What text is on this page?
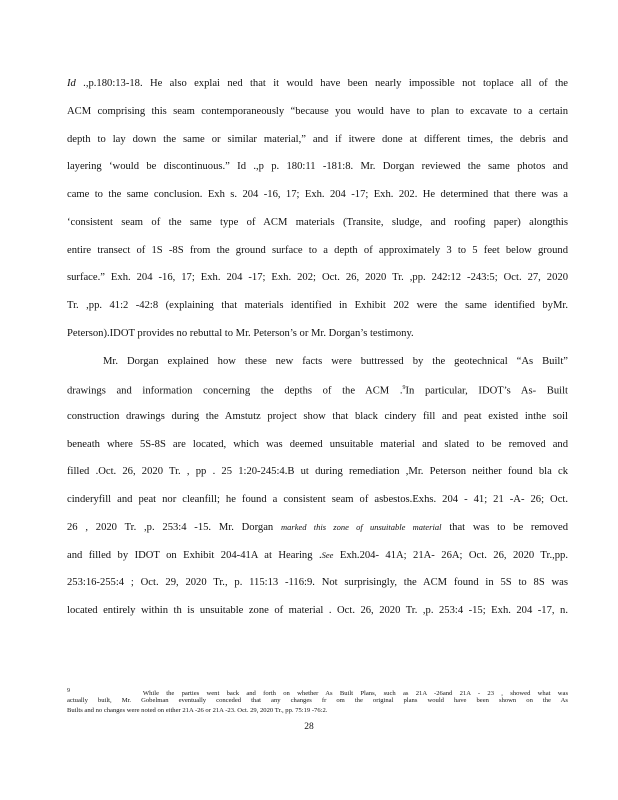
Id .,p.180:13-18. He also explai ned that it would have been nearly impossible not toplace all of the
ACM comprising this seam contemporaneously “because you would have to plan to excavate to a certain
depth to lay down the same or similar material,” and if itwere done at different times, the debris and
layering ‘would be discontinuous.” Id .,p p. 180:11 -181:8. Mr. Dorgan reviewed the same photos and
came to the same conclusion. Exh s. 204 -16, 17; Exh. 204 -17; Exh. 202. He determined that there was a
‘consistent seam of the same type of ACM materials (Transite, sludge, and roofing paper) alongthis
entire transect of 1S -8S from the ground surface to a depth of approximately 3 to 5 feet below ground
surface.” Exh. 204 -16, 17; Exh. 204 -17; Exh. 202; Oct. 26, 2020 Tr. ,pp. 242:12 -243:5; Oct. 27, 2020
Tr. ,pp. 41:2 -42:8 (explaining that materials identified in Exhibit 202 were the same identified byMr.
Peterson).IDOT provides no rebuttal to Mr. Peterson’s or Mr. Dorgan’s testimony.
Mr. Dorgan explained how these new facts were buttressed by the geotechnical “As Built”
drawings and information concerning the depths of the ACM .$^9$In particular, IDOT’s As- Built
construction drawings during the Amstutz project show that black cindery fill and peat existed inthe soil
beneath where 5S-8S are located, which was deemed unsuitable material and slated to be removed and
filled .Oct. 26, 2020 Tr. , pp . 25 1:20-245:4.B ut during remediation ,Mr. Peterson neither found bla ck
cinderyfill and peat nor cleanfill; he found a consistent seam of asbestos.Exhs. 204 - 41; 21 -A- 26; Oct.
26 , 2020 Tr. ,p. 253:4 -15. Mr. Dorgan marked this zone of unsuitable material that was to be removed
and filled by IDOT on Exhibit 204-41A at Hearing .See Exh.204- 41A; 21A- 26A; Oct. 26, 2020 Tr.,pp.
253:16-255:4 ; Oct. 29, 2020 Tr., p. 115:13 -116:9. Not surprisingly, the ACM found in 5S to 8S was
located entirely within th is unsuitable zone of material . Oct. 26, 2020 Tr. ,p. 253:4 -15; Exh. 204 -17, n.
9	While the parties went back and forth on whether As Built Plans, such as 21A -26and 21A - 23 , showed what was
actually built, Mr. Gobelman eventually conceded that any changes fr om the original plans would have been shown on the As
Builts and no changes were noted on either 21A -26 or 21A -23. Oct. 29, 2020 Tr., pp. 75:19 -76:2.
28
